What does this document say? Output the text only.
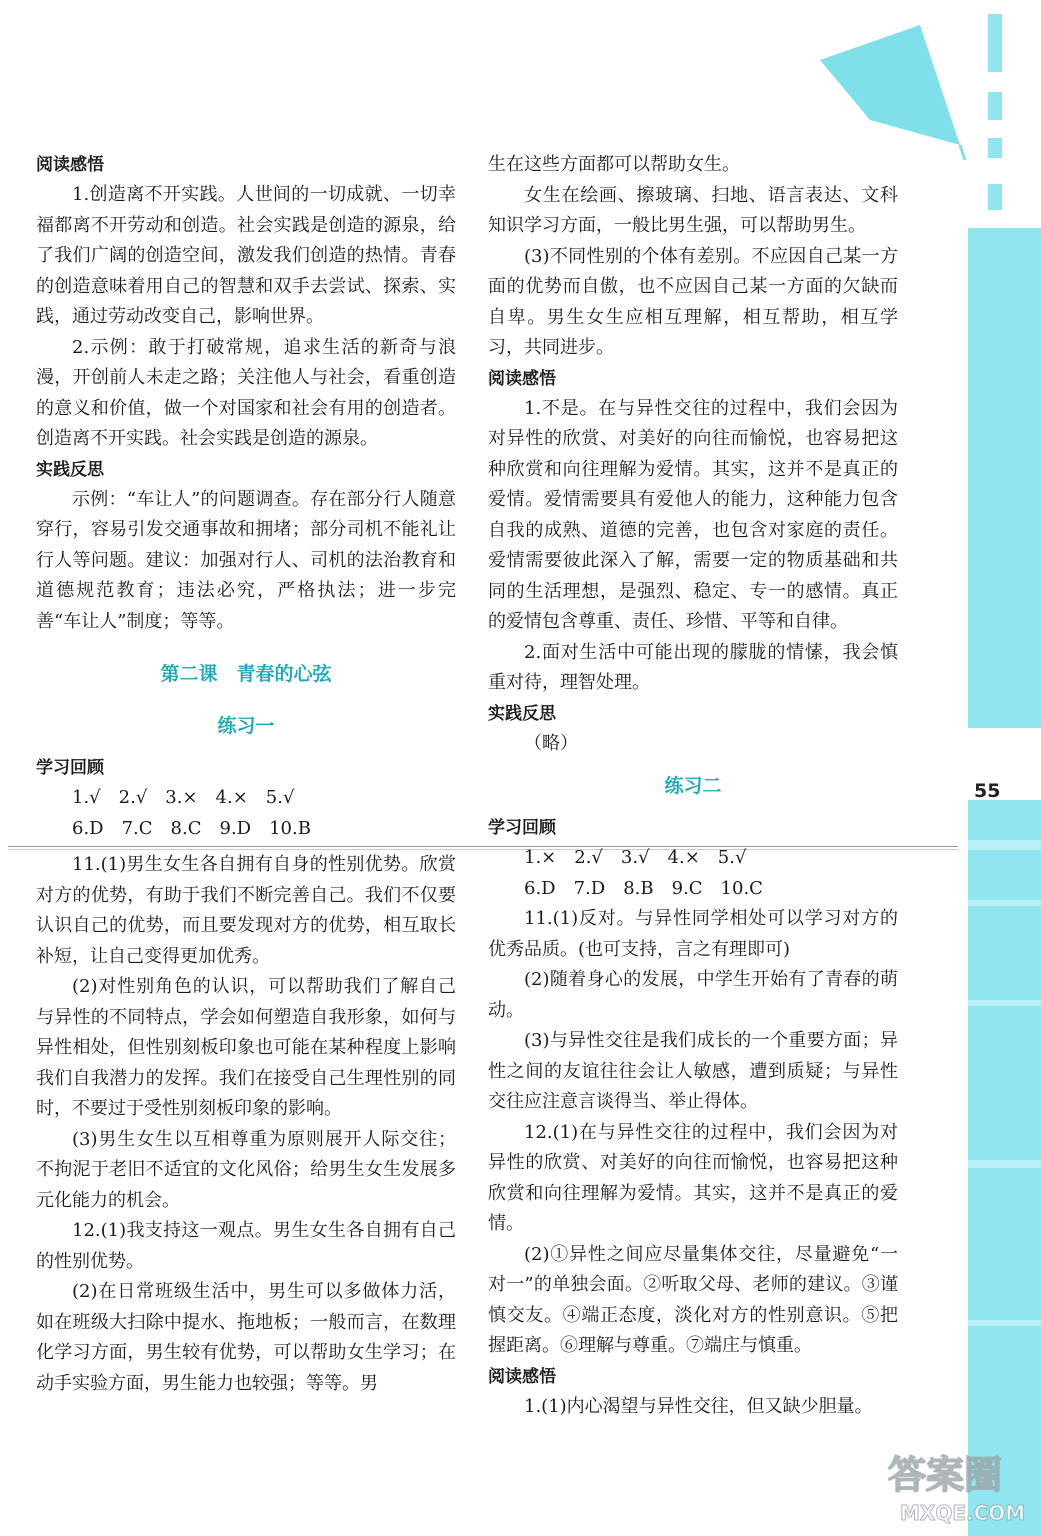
55

阅读感悟

1.创造离不开实践。人世间的一切成就、一切幸福都离不开劳动和创造。社会实践是创造的源泉，给了我们广阔的创造空间，激发我们创造的热情。青春的创造意味着用自己的智慧和双手去尝试、探索、实践，通过劳动改变自己，影响世界。

2.示例：敢于打破常规，追求生活的新奇与浪漫，开创前人未走之路；关注他人与社会，看重创造的意义和价值，做一个对国家和社会有用的创造者。创造离不开实践。社会实践是创造的源泉。

实践反思

示例：“车让人”的问题调查。存在部分行人随意穿行，容易引发交通事故和拥堵；部分司机不能礼让行人等问题。建议：加强对行人、司机的法治教育和道德规范教育；违法必究，严格执法；进一步完善“车让人”制度；等等。

第二课　青春的心弦

练习一

学习回顾

1.√　2.√　3.×　4.×　5.√

6.D　7.C　8.C　9.D　10.B

11.(1)男生女生各自拥有自身的性别优势。欣赏对方的优势，有助于我们不断完善自己。我们不仅要认识自己的优势，而且要发现对方的优势，相互取长补短，让自己变得更加优秀。

(2)对性别角色的认识，可以帮助我们了解自己与异性的不同特点，学会如何塑造自我形象，如何与异性相处，但性别刻板印象也可能在某种程度上影响我们自我潜力的发挥。我们在接受自己生理性别的同时，不要过于受性别刻板印象的影响。

(3)男生女生以互相尊重为原则展开人际交往；不拘泥于老旧不适宜的文化风俗；给男生女生发展多元化能力的机会。

12.(1)我支持这一观点。男生女生各自拥有自己的性别优势。

(2)在日常班级生活中，男生可以多做体力活，如在班级大扫除中提水、拖地板；一般而言，在数理化学习方面，男生较有优势，可以帮助女生学习；在动手实验方面，男生能力也较强；等等。男

生在这些方面都可以帮助女生。

女生在绘画、擦玻璃、扫地、语言表达、文科知识学习方面，一般比男生强，可以帮助男生。

(3)不同性别的个体有差别。不应因自己某一方面的优势而自傲，也不应因自己某一方面的欠缺而自卑。男生女生应相互理解，相互帮助，相互学习，共同进步。

阅读感悟

1.不是。在与异性交往的过程中，我们会因为对异性的欣赏、对美好的向往而愉悦，也容易把这种欣赏和向往理解为爱情。其实，这并不是真正的爱情。爱情需要具有爱他人的能力，这种能力包含自我的成熟、道德的完善，也包含对家庭的责任。爱情需要彼此深入了解，需要一定的物质基础和共同的生活理想，是强烈、稳定、专一的感情。真正的爱情包含尊重、责任、珍惜、平等和自律。

2.面对生活中可能出现的朦胧的情愫，我会慎重对待，理智处理。

实践反思

（略）

练习二

学习回顾

1.×　2.√　3.√　4.×　5.√

6.D　7.D　8.B　9.C　10.C

11.(1)反对。与异性同学相处可以学习对方的优秀品质。(也可支持，言之有理即可)

(2)随着身心的发展，中学生开始有了青春的萌动。

(3)与异性交往是我们成长的一个重要方面；异性之间的友谊往往会让人敏感，遭到质疑；与异性交往应注意言谈得当、举止得体。

12.(1)在与异性交往的过程中，我们会因为对异性的欣赏、对美好的向往而愉悦，也容易把这种欣赏和向往理解为爱情。其实，这并不是真正的爱情。

(2)①异性之间应尽量集体交往，尽量避免“一对一”的单独会面。②听取父母、老师的建议。③谨慎交友。④端正态度，淡化对方的性别意识。⑤把握距离。⑥理解与尊重。⑦端庄与慎重。

阅读感悟

1.(1)内心渴望与异性交往，但又缺少胆量。

答案圈
MXQE.COM
